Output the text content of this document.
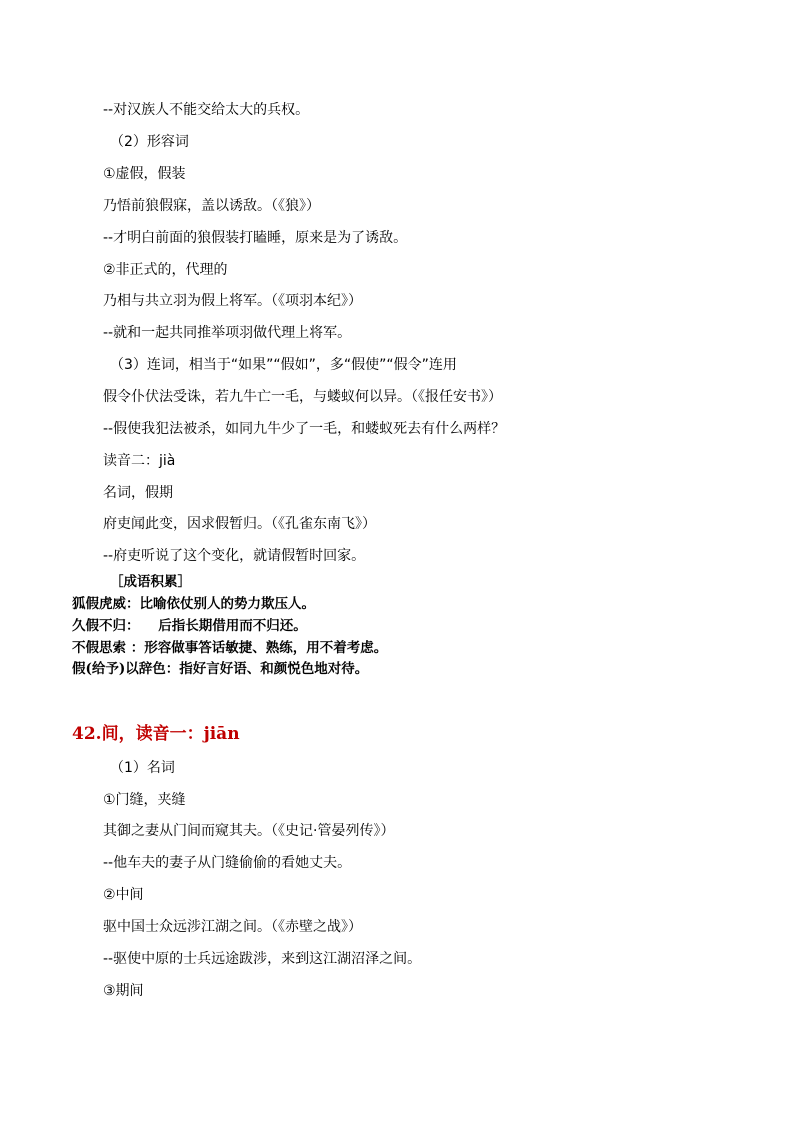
--对汉族人不能交给太大的兵权。
（2）形容词
①虚假，假装
乃悟前狼假寐，盖以诱敌。（《狼》）
--才明白前面的狼假装打瞌睡，原来是为了诱敌。
②非正式的，代理的
乃相与共立羽为假上将军。（《项羽本纪》）
--就和一起共同推举项羽做代理上将军。
（3）连词，相当于“如果”“假如”，多“假使”“假令”连用
假令仆伏法受诛，若九牛亡一毛，与蝼蚁何以异。（《报任安书》）
--假使我犯法被杀，如同九牛少了一毛，和蝼蚁死去有什么两样？
读音二：jià
名词，假期
府吏闻此变，因求假暂归。（《孔雀东南飞》）
--府吏听说了这个变化，就请假暂时回家。
［成语积累］
狐假虎威：比喻依仗别人的势力欺压人。
久假不归：    后指长期借用而不归还。
不假思索 ：形容做事答话敏捷、熟练，用不着考虑。
假(给予)以辞色：指好言好语、和颜悦色地对待。
42.间，读音一：jiān
（1）名词
①门缝，夹缝
其御之妻从门间而窥其夫。（《史记·管晏列传》）
--他车夫的妻子从门缝偷偷的看她丈夫。
②中间
驱中国士众远涉江湖之间。（《赤壁之战》）
--驱使中原的士兵远途跋涉，来到这江湖沼泽之间。
③期间
